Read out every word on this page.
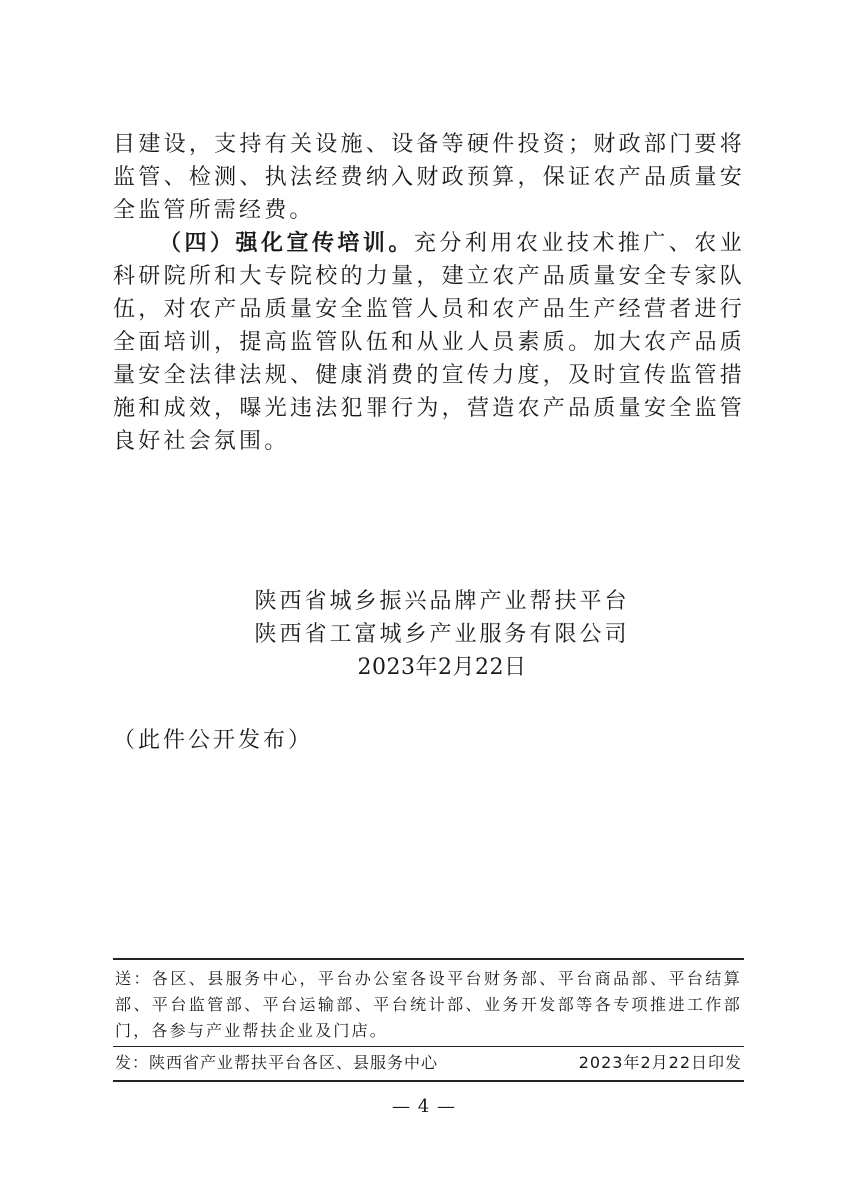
目建设，支持有关设施、设备等硬件投资；财政部门要将监管、检测、执法经费纳入财政预算，保证农产品质量安全监管所需经费。

（四）强化宣传培训。充分利用农业技术推广、农业科研院所和大专院校的力量，建立农产品质量安全专家队伍，对农产品质量安全监管人员和农产品生产经营者进行全面培训，提高监管队伍和从业人员素质。加大农产品质量安全法律法规、健康消费的宣传力度，及时宣传监管措施和成效，曝光违法犯罪行为，营造农产品质量安全监管良好社会氛围。

陕西省城乡振兴品牌产业帮扶平台
陕西省工富城乡产业服务有限公司
2023年2月22日
（此件公开发布）
送：各区、县服务中心，平台办公室各设平台财务部、平台商品部、平台结算部、平台监管部、平台运输部、平台统计部、业务开发部等各专项推进工作部门，各参与产业帮扶企业及门店。
发：陕西省产业帮扶平台各区、县服务中心	2023年2月22日印发
— 4 —
